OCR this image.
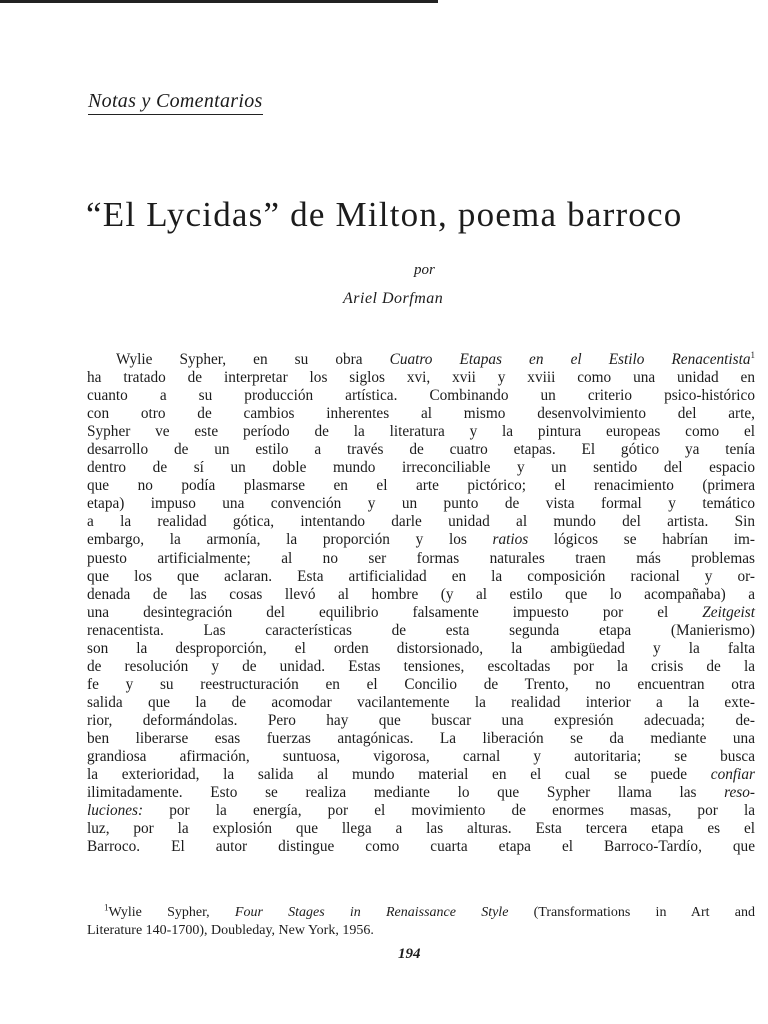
Notas y Comentarios
“El Lycidas” de Milton, poema barroco
por
Ariel Dorfman
Wylie Sypher, en su obra Cuatro Etapas en el Estilo Renacentista$^1$
ha tratado de interpretar los siglos xvi, xvii y xviii como una unidad en
cuanto a su producción artística. Combinando un criterio psico-histórico
con otro de cambios inherentes al mismo desenvolvimiento del arte,
Sypher ve este período de la literatura y la pintura europeas como el
desarrollo de un estilo a través de cuatro etapas. El gótico ya tenía
dentro de sí un doble mundo irreconciliable y un sentido del espacio
que no podía plasmarse en el arte pictórico; el renacimiento (primera
etapa) impuso una convención y un punto de vista formal y temático
a la realidad gótica, intentando darle unidad al mundo del artista. Sin
embargo, la armonía, la proporción y los ratios lógicos se habrían im-
puesto artificialmente; al no ser formas naturales traen más problemas
que los que aclaran. Esta artificialidad en la composición racional y or-
denada de las cosas llevó al hombre (y al estilo que lo acompañaba) a
una desintegración del equilibrio falsamente impuesto por el Zeitgeist
renacentista. Las características de esta segunda etapa (Manierismo)
son la desproporción, el orden distorsionado, la ambigüedad y la falta
de resolución y de unidad. Estas tensiones, escoltadas por la crisis de la
fe y su reestructuración en el Concilio de Trento, no encuentran otra
salida que la de acomodar vacilantemente la realidad interior a la exte-
rior, deformándolas. Pero hay que buscar una expresión adecuada; de-
ben liberarse esas fuerzas antagónicas. La liberación se da mediante una
grandiosa afirmación, suntuosa, vigorosa, carnal y autoritaria; se busca
la exterioridad, la salida al mundo material en el cual se puede confiar
ilimitadamente. Esto se realiza mediante lo que Sypher llama las reso-
luciones: por la energía, por el movimiento de enormes masas, por la
luz, por la explosión que llega a las alturas. Esta tercera etapa es el
Barroco. El autor distingue como cuarta etapa el Barroco-Tardío, que
$^1$Wylie Sypher, Four Stages in Renaissance Style (Transformations in Art and
Literature 140-1700), Doubleday, New York, 1956.
194
